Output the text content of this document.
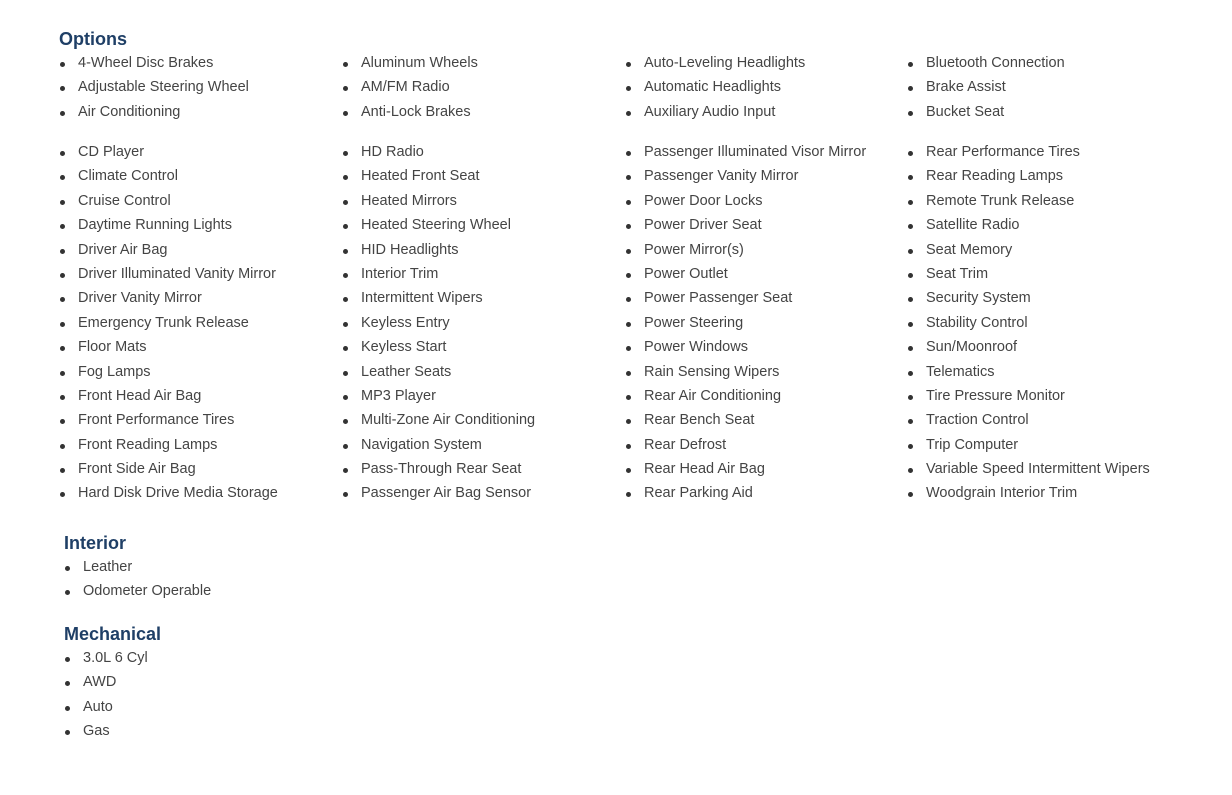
Options
4-Wheel Disc Brakes
Adjustable Steering Wheel
Air Conditioning
Aluminum Wheels
AM/FM Radio
Anti-Lock Brakes
Auto-Leveling Headlights
Automatic Headlights
Auxiliary Audio Input
Bluetooth Connection
Brake Assist
Bucket Seat
CD Player
Climate Control
Cruise Control
Daytime Running Lights
Driver Air Bag
Driver Illuminated Vanity Mirror
Driver Vanity Mirror
Emergency Trunk Release
Floor Mats
Fog Lamps
Front Head Air Bag
Front Performance Tires
Front Reading Lamps
Front Side Air Bag
Hard Disk Drive Media Storage
HD Radio
Heated Front Seat
Heated Mirrors
Heated Steering Wheel
HID Headlights
Interior Trim
Intermittent Wipers
Keyless Entry
Keyless Start
Leather Seats
MP3 Player
Multi-Zone Air Conditioning
Navigation System
Pass-Through Rear Seat
Passenger Air Bag Sensor
Passenger Illuminated Visor Mirror
Passenger Vanity Mirror
Power Door Locks
Power Driver Seat
Power Mirror(s)
Power Outlet
Power Passenger Seat
Power Steering
Power Windows
Rain Sensing Wipers
Rear Air Conditioning
Rear Bench Seat
Rear Defrost
Rear Head Air Bag
Rear Parking Aid
Rear Performance Tires
Rear Reading Lamps
Remote Trunk Release
Satellite Radio
Seat Memory
Seat Trim
Security System
Stability Control
Sun/Moonroof
Telematics
Tire Pressure Monitor
Traction Control
Trip Computer
Variable Speed Intermittent Wipers
Woodgrain Interior Trim
Interior
Leather
Odometer Operable
Mechanical
3.0L 6 Cyl
AWD
Auto
Gas
